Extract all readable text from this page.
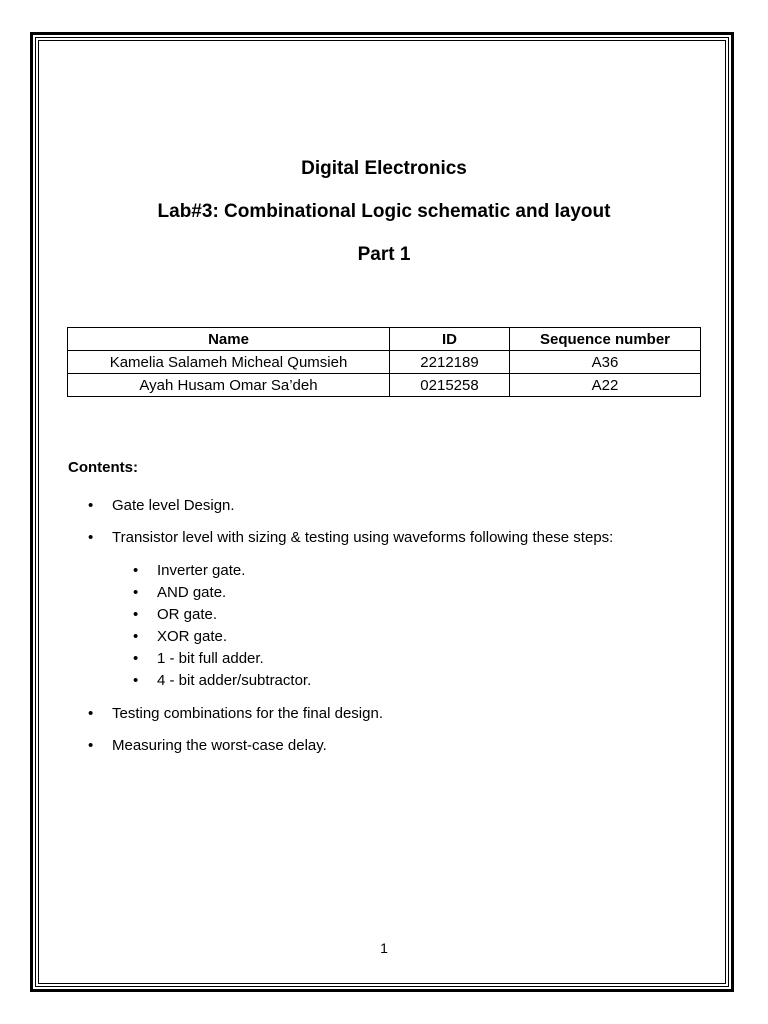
Digital Electronics
Lab#3: Combinational Logic schematic and layout
Part 1
Name	ID	Sequence number
Kamelia Salameh Micheal Qumsieh	2212189	A36
Ayah Husam Omar Sa’deh	0215258	A22
Contents:
•	Gate level Design.
•	Transistor level with sizing & testing using waveforms following these steps:
•	Inverter gate.
•	AND gate.
•	OR gate.
•	XOR gate.
•	1 - bit full adder.
•	4 - bit adder/subtractor.
•	Testing combinations for the final design.
•	Measuring the worst-case delay.
1
